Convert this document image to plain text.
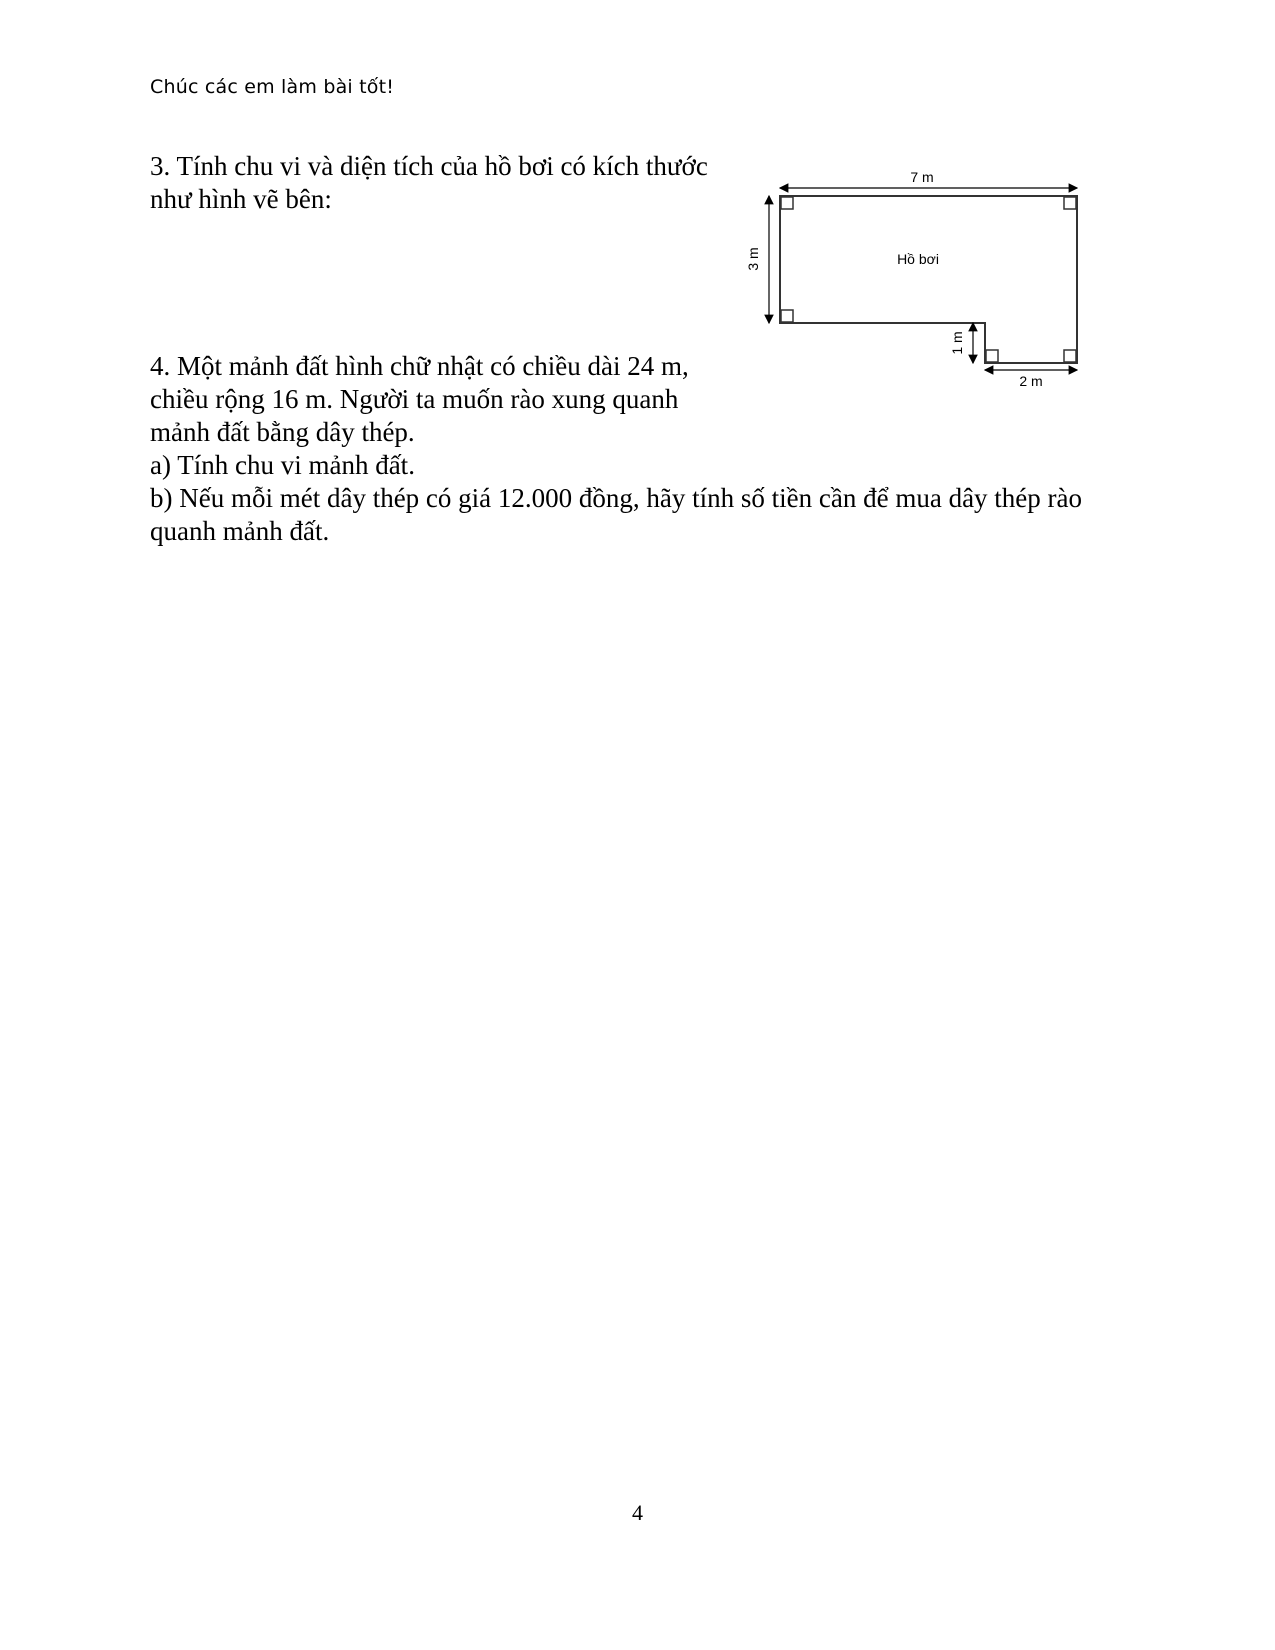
Chúc các em làm bài tốt!
3. Tính chu vi và diện tích của hồ bơi có kích thước
như hình vẽ bên:
7 m
3 m	Hồ bơi
1 m
2 m
4. Một mảnh đất hình chữ nhật có chiều dài 24 m,
chiều rộng 16 m. Người ta muốn rào xung quanh
mảnh đất bằng dây thép.
a) Tính chu vi mảnh đất.
b) Nếu mỗi mét dây thép có giá 12.000 đồng, hãy tính số tiền cần để mua dây thép rào
quanh mảnh đất.
4
